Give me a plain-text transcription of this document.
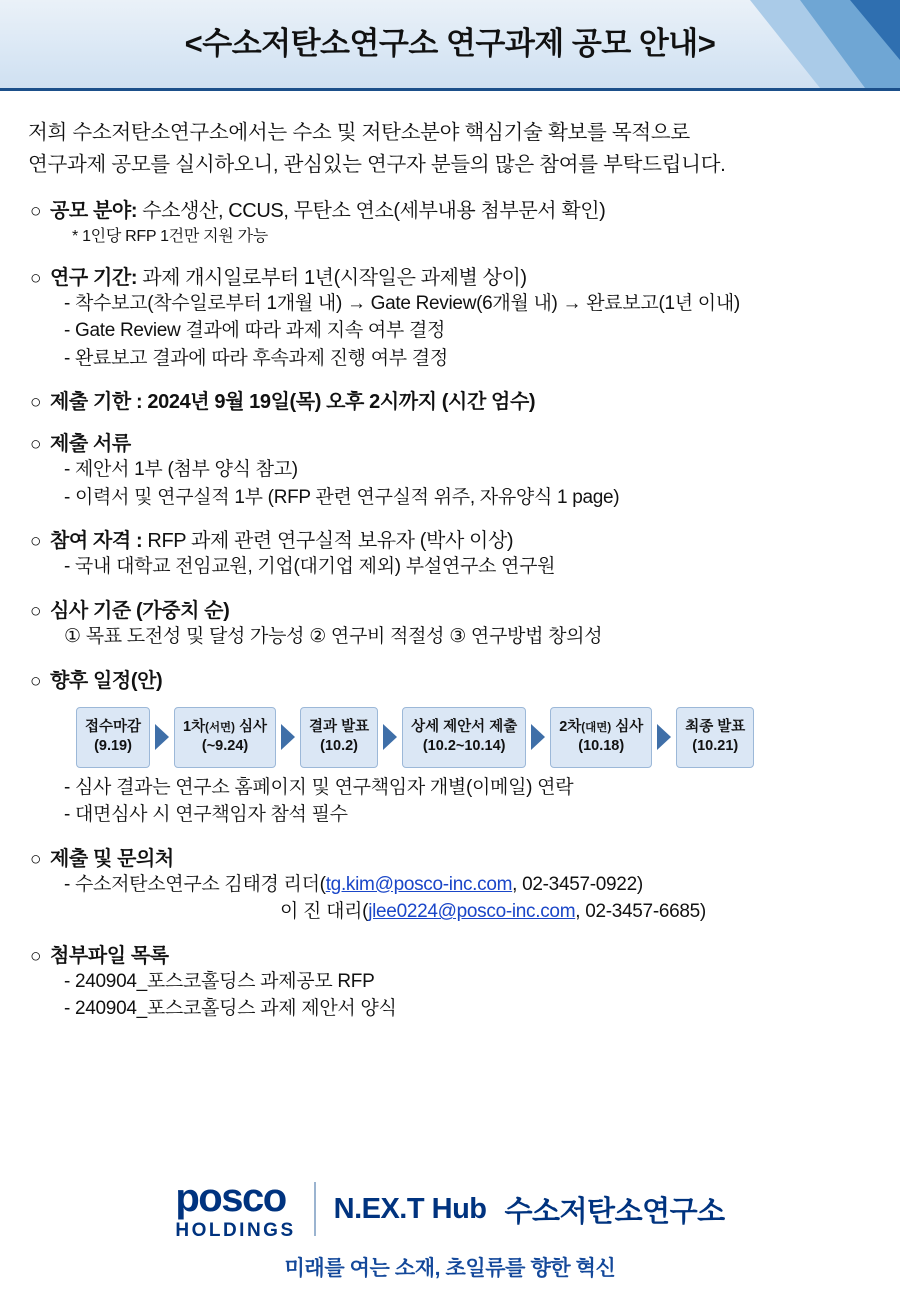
<수소저탄소연구소 연구과제 공모 안내>
저희 수소저탄소연구소에서는 수소 및 저탄소분야 핵심기술 확보를 목적으로
연구과제 공모를 실시하오니, 관심있는 연구자 분들의 많은 참여를 부탁드립니다.
○ 공모 분야: 수소생산, CCUS, 무탄소 연소(세부내용 첨부문서 확인)
* 1인당 RFP 1건만 지원 가능
○ 연구 기간: 과제 개시일로부터 1년(시작일은 과제별 상이)
- 착수보고(착수일로부터 1개월 내) → Gate Review(6개월 내) → 완료보고(1년 이내)
- Gate Review 결과에 따라 과제 지속 여부 결정
- 완료보고 결과에 따라 후속과제 진행 여부 결정
○ 제출 기한 : 2024년 9월 19일(목) 오후 2시까지 (시간 엄수)
○ 제출 서류
- 제안서 1부 (첨부 양식 참고)
- 이력서 및 연구실적 1부 (RFP 관련 연구실적 위주, 자유양식 1 page)
○ 참여 자격 : RFP 과제 관련 연구실적 보유자 (박사 이상)
- 국내 대학교 전임교원, 기업(대기업 제외) 부설연구소 연구원
○ 심사 기준 (가중치 순)
① 목표 도전성 및 달성 가능성 ② 연구비 적절성 ③ 연구방법 창의성
○ 향후 일정(안)
접수마감
(9.19)
1차(서면) 심사
(~9.24)
결과 발표
(10.2)
상세 제안서 제출
(10.2~10.14)
2차(대면) 심사
(10.18)
최종 발표
(10.21)
- 심사 결과는 연구소 홈페이지 및 연구책임자 개별(이메일) 연락
- 대면심사 시 연구책임자 참석 필수
○ 제출 및 문의처
- 수소저탄소연구소 김태경 리더(tg.kim@posco-inc.com, 02-3457-0922)
이 진 대리(jlee0224@posco-inc.com, 02-3457-6685)
○ 첨부파일 목록
- 240904_포스코홀딩스 과제공모 RFP
- 240904_포스코홀딩스 과제 제안서 양식
posco
HOLDINGS
N.EX.T Hub 수소저탄소연구소
미래를 여는 소재, 초일류를 향한 혁신
